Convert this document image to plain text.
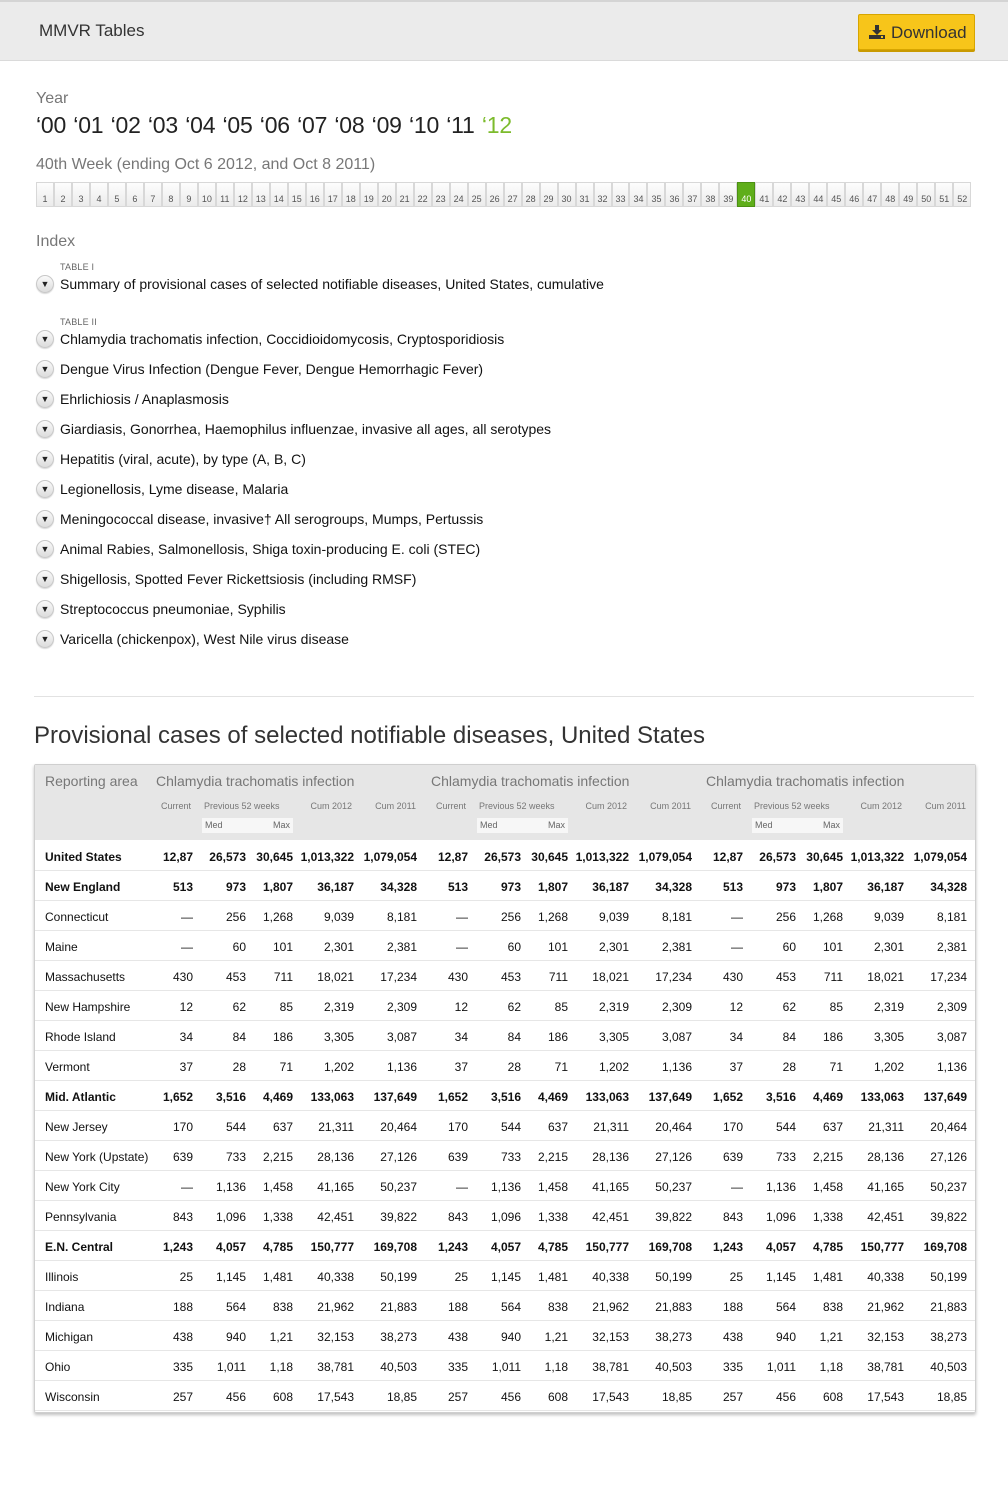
MMVR Tables	Download
Year
‘00 ‘01 ‘02 ‘03 ‘04 ‘05 ‘06 ‘07 ‘08 ‘09 ‘10 ‘11 ‘12
40th Week (ending Oct 6 2012, and Oct 8 2011)
1	2	3	4	5	6	7	8	9	10 11 12 13 14 15 16 17 18 19 20 21 22 23 24 25 26 27 28 29 30 31 32 33 34 35 36 37 38 39 40 41 42 43 44 45 46 47 48 49 50 51 52
Index
TABLE I
▼ Summary of provisional cases of selected notifiable diseases, United States, cumulative
TABLE II
▼ Chlamydia trachomatis infection, Coccidioidomycosis, Cryptosporidiosis
▼ Dengue Virus Infection (Dengue Fever, Dengue Hemorrhagic Fever)
▼ Ehrlichiosis / Anaplasmosis
▼ Giardiasis, Gonorrhea, Haemophilus influenzae, invasive all ages, all serotypes
▼ Hepatitis (viral, acute), by type (A, B, C)
▼ Legionellosis, Lyme disease, Malaria
▼ Meningococcal disease, invasive† All serogroups, Mumps, Pertussis
▼ Animal Rabies, Salmonellosis, Shiga toxin-producing E. coli (STEC)
▼ Shigellosis, Spotted Fever Rickettsiosis (including RMSF)
▼ Streptococcus pneumoniae, Syphilis
▼ Varicella (chickenpox), West Nile virus disease
Provisional cases of selected notifiable diseases, United States
Reporting area Chlamydia trachomatis infection
Current Previous 52 weeks	Cum 2012	Cum 2011
Med	Max
Chlamydia trachomatis infection
Current Previous 52 weeks	Cum 2012	Cum 2011
Med	Max
Chlamydia trachomatis infection
Current Previous 52 weeks	Cum 2012	Cum 2011
Med	Max
United States	12,87 26,573 30,645 1,013,322 1,079,054 12,87 26,573 30,645 1,013,322 1,079,054 12,87 26,573 30,645 1,013,322 1,079,054
New England	513	973 1,807 36,187 34,328	513	973 1,807 36,187 34,328	513	973 1,807 36,187 34,328
Connecticut	—	256 1,268	9,039	8,181	—	256 1,268	9,039	8,181	—	256 1,268	9,039	8,181
Maine	—	60 101	2,301	2,381	—	60 101	2,301	2,381	—	60 101	2,301	2,381
Massachusetts	430	453 711 18,021 17,234	430	453 711 18,021 17,234	430	453 711 18,021 17,234
New Hampshire	12	62	85	2,319	2,309	12	62	85	2,319	2,309	12	62	85	2,319	2,309
Rhode Island	34	84 186	3,305	3,087	34	84 186	3,305	3,087	34	84 186	3,305	3,087
Vermont	37	28	71	1,202	1,136	37	28	71	1,202	1,136	37	28	71	1,202	1,136
Mid. Atlantic	1,652 3,516 4,469 133,063 137,649 1,652 3,516 4,469 133,063 137,649 1,652 3,516 4,469 133,063 137,649
New Jersey	170	544 637 21,311 20,464	170	544 637 21,311 20,464	170	544 637 21,311 20,464
New York (Upstate) 639	733 2,215 28,136 27,126	639	733 2,215 28,136 27,126	639	733 2,215 28,136 27,126
New York City	— 1,136 1,458 41,165 50,237	— 1,136 1,458 41,165 50,237	— 1,136 1,458 41,165 50,237
Pennsylvania	843 1,096 1,338 42,451 39,822	843 1,096 1,338 42,451 39,822	843 1,096 1,338 42,451 39,822
E.N. Central	1,243 4,057 4,785 150,777 169,708 1,243 4,057 4,785 150,777 169,708 1,243 4,057 4,785 150,777 169,708
Illinois	25 1,145 1,481 40,338 50,199	25 1,145 1,481 40,338 50,199	25 1,145 1,481 40,338 50,199
Indiana	188	564 838 21,962 21,883	188	564 838 21,962 21,883	188	564 838 21,962 21,883
Michigan	438	940 1,21 32,153 38,273	438	940 1,21 32,153 38,273	438	940 1,21 32,153 38,273
Ohio	335 1,011 1,18 38,781 40,503	335 1,011 1,18 38,781 40,503	335 1,011 1,18 38,781 40,503
Wisconsin	257	456 608 17,543	18,85	257	456 608 17,543	18,85	257	456 608 17,543	18,85
